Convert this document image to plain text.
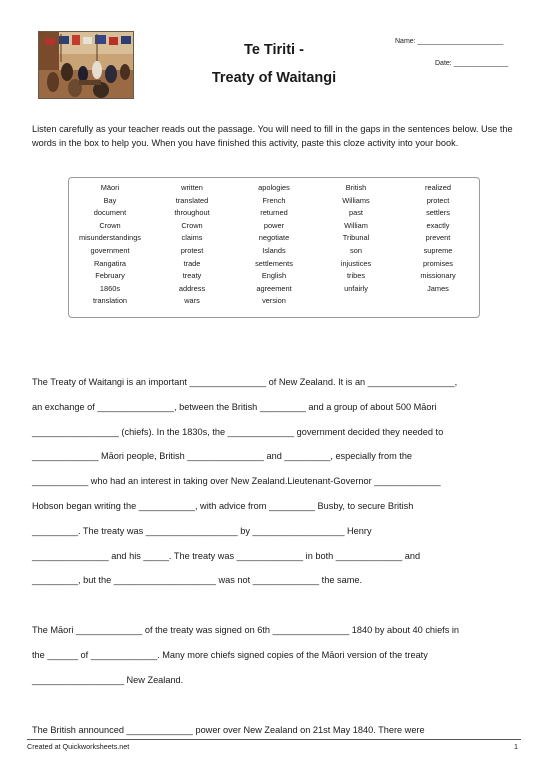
Te Tiriti -
Treaty of Waitangi
Name: ______________________
Date: ______________
Listen carefully as your teacher reads out the passage. You will need to fill in the gaps in the sentences below. Use the words in the box to help you. When you have finished this activity, paste this cloze activity into your book.
Māori
Bay
document
Crown
misunderstandings
government
Rangatira
February
1860s
translation
written
translated
throughout
Crown
claims
protest
trade
treaty
address
wars
apologies
French
returned
power
negotiate
Islands
settlements
English
agreement
version
British
Williams
past
William
Tribunal
son
injustices
tribes
unfairly
realized
protect
settlers
exactly
prevent
supreme
promises
missionary
James

The Treaty of Waitangi is an important _______________ of New Zealand. It is an _________________,

an exchange of _______________, between the British _________ and a group of about 500 Māori

_________________ (chiefs). In the 1830s, the _____________ government decided they needed to

_____________ Māori people, British _______________ and _________, especially from the

___________ who had an interest in taking over New Zealand.Lieutenant-Governor _____________

Hobson began writing the ___________, with advice from _________ Busby, to secure British

_________. The treaty was __________________ by __________________ Henry

_______________ and his _____. The treaty was _____________ in both _____________ and

_________, but the ____________________ was not _____________ the same.

The Māori _____________ of the treaty was signed on 6th _______________ 1840 by about 40 chiefs in

the ______ of _____________. Many more chiefs signed copies of the Māori version of the treaty

__________________ New Zealand.

The British announced _____________ power over New Zealand on 21st May 1840. There were

Created at Quickworksheets.net	1
